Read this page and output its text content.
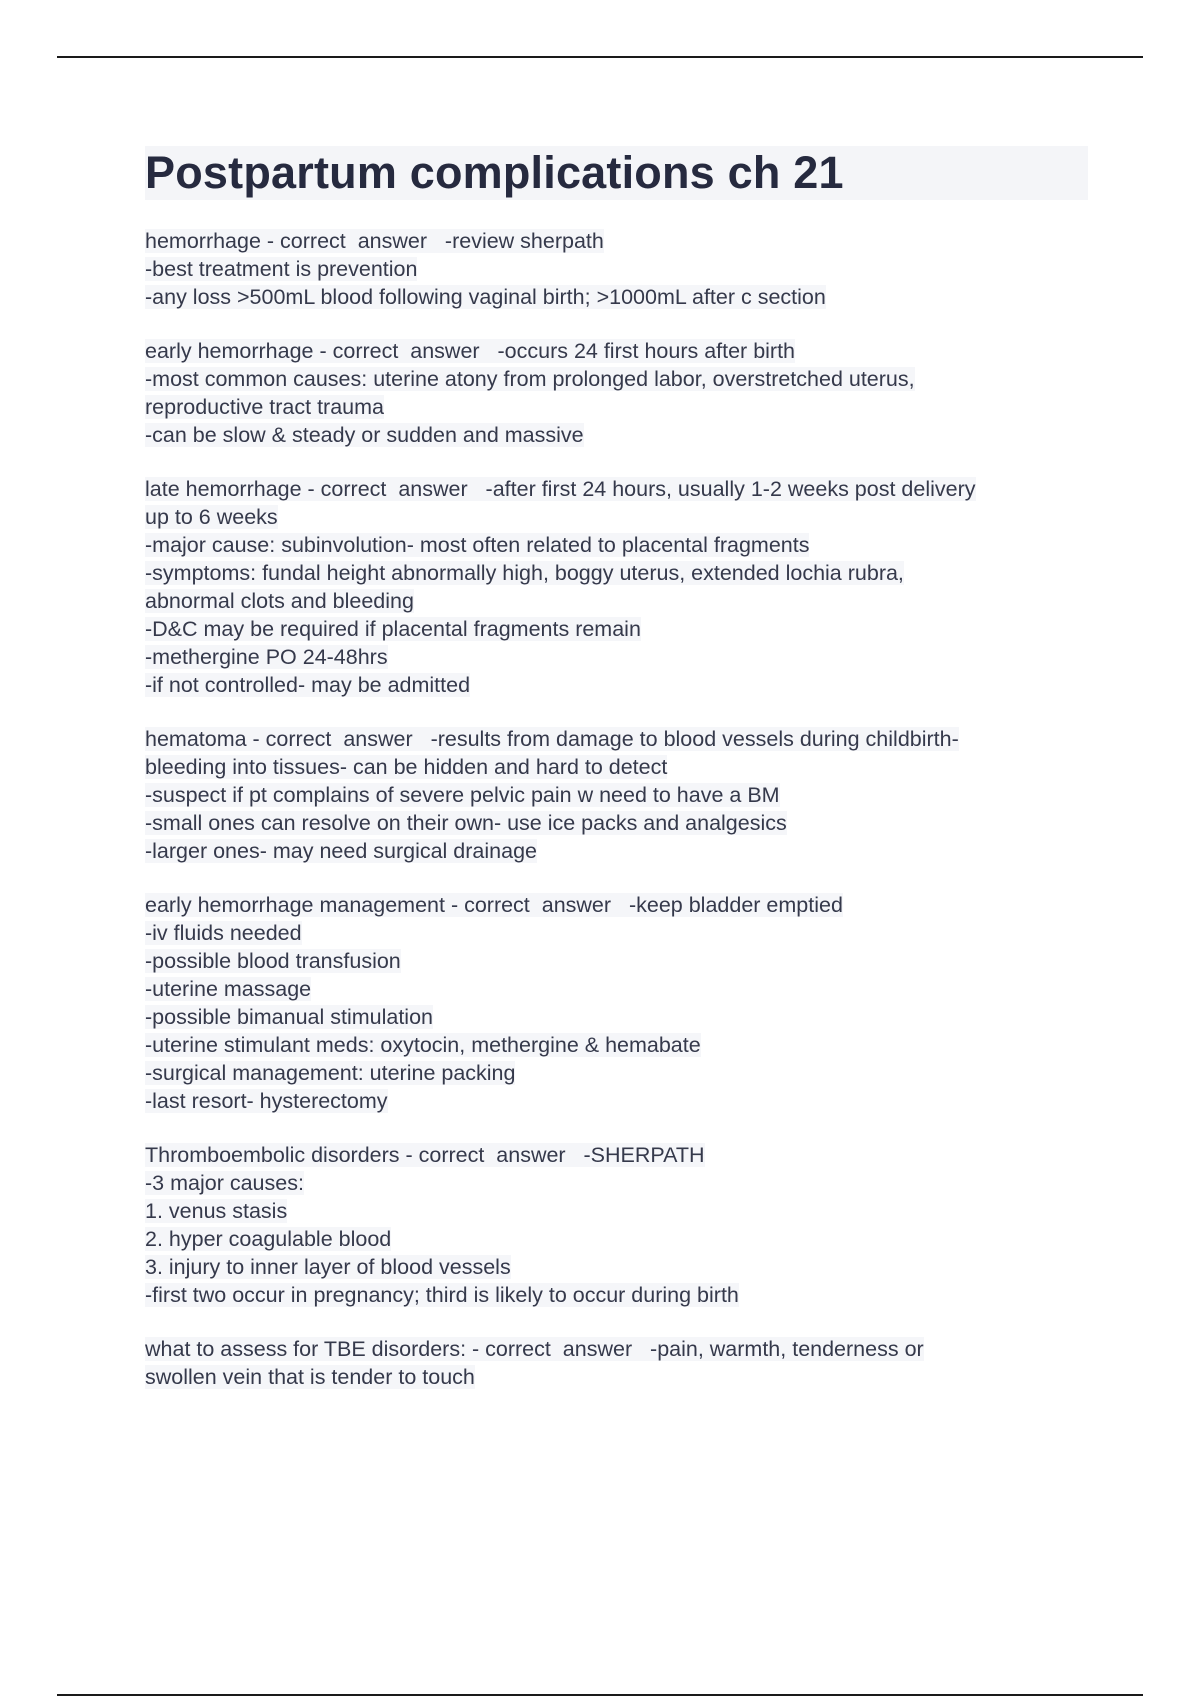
Postpartum complications ch 21
hemorrhage - correct  answer   -review sherpath
-best treatment is prevention
-any loss >500mL blood following vaginal birth; >1000mL after c section
early hemorrhage - correct  answer   -occurs 24 first hours after birth
-most common causes: uterine atony from prolonged labor, overstretched uterus,
reproductive tract trauma
-can be slow & steady or sudden and massive
late hemorrhage - correct  answer   -after first 24 hours, usually 1-2 weeks post delivery
up to 6 weeks
-major cause: subinvolution- most often related to placental fragments
-symptoms: fundal height abnormally high, boggy uterus, extended lochia rubra,
abnormal clots and bleeding
-D&C may be required if placental fragments remain
-methergine PO 24-48hrs
-if not controlled- may be admitted
hematoma - correct  answer   -results from damage to blood vessels during childbirth-
bleeding into tissues- can be hidden and hard to detect
-suspect if pt complains of severe pelvic pain w need to have a BM
-small ones can resolve on their own- use ice packs and analgesics
-larger ones- may need surgical drainage
early hemorrhage management - correct  answer   -keep bladder emptied
-iv fluids needed
-possible blood transfusion
-uterine massage
-possible bimanual stimulation
-uterine stimulant meds: oxytocin, methergine & hemabate
-surgical management: uterine packing
-last resort- hysterectomy
Thromboembolic disorders - correct  answer   -SHERPATH
-3 major causes:
1. venus stasis
2. hyper coagulable blood
3. injury to inner layer of blood vessels
-first two occur in pregnancy; third is likely to occur during birth
what to assess for TBE disorders: - correct  answer   -pain, warmth, tenderness or
swollen vein that is tender to touch
